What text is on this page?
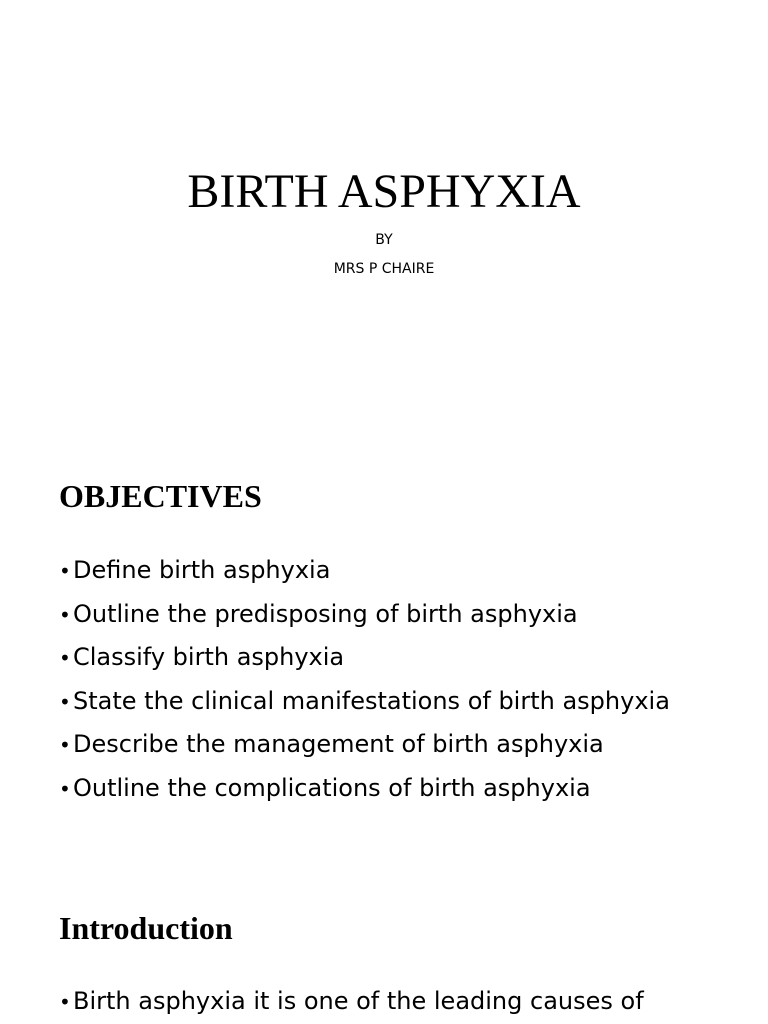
BIRTH ASPHYXIA

BY

MRS P CHAIRE

OBJECTIVES
• Define birth asphyxia
• Outline the predisposing of birth asphyxia
• Classify birth asphyxia
• State the clinical manifestations of birth asphyxia
• Describe the management of birth asphyxia
• Outline the complications of birth asphyxia
Introduction
• Birth asphyxia it is one of the leading causes of
